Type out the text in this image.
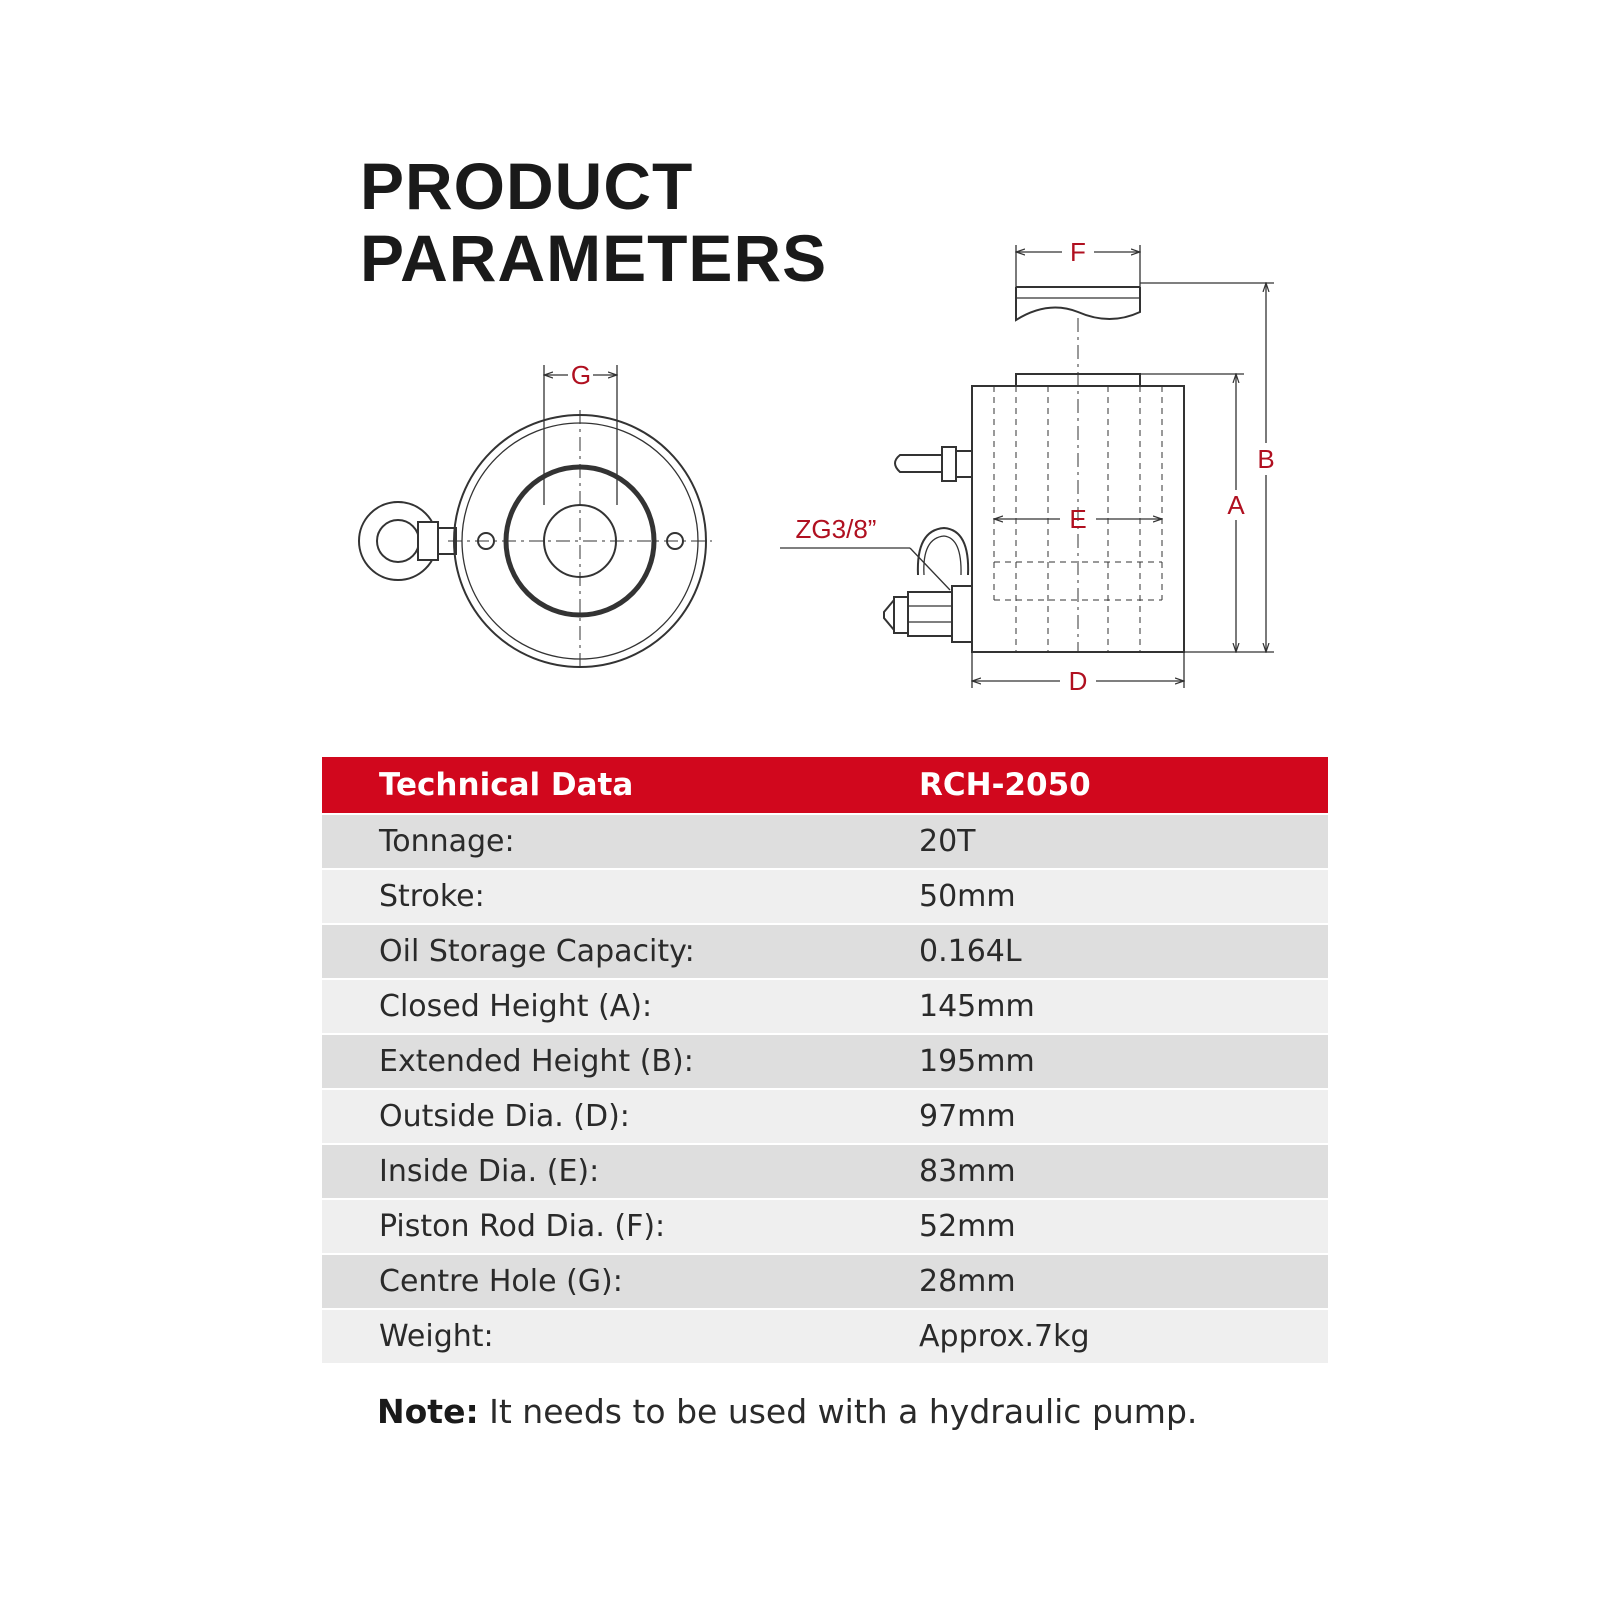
PRODUCT
PARAMETERS
G
F
E
D
A
B
ZG3/8”
Technical Data	RCH-2050
Tonnage:	20T
Stroke:	50mm
Oil Storage Capacity:	0.164L
Closed Height (A):	145mm
Extended Height (B):	195mm
Outside Dia. (D):	97mm
Inside Dia. (E):	83mm
Piston Rod Dia. (F):	52mm
Centre Hole (G):	28mm
Weight:	Approx.7kg

Note: It needs to be used with a hydraulic pump.
